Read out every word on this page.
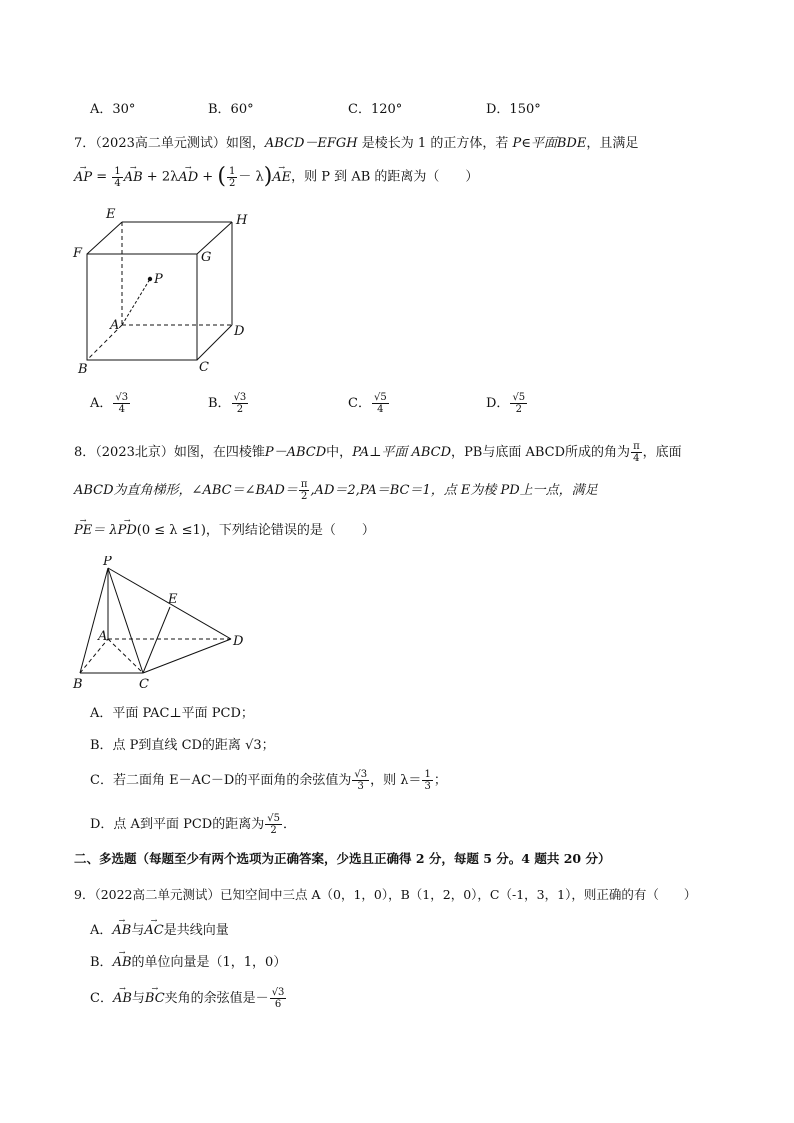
A．30°	B．60°	C．120°	D．150°
7．（2023高二单元测试）如图，ABCD－EFGH 是棱长为 1 的正方体，若 P∈平面BDE，且满足
→ AP = $\frac{1}{4}$
→ AB + 2λ→ AD + ( $\frac{1}{2} - \lambda)\to$ AE，则 P 到 AB 的距离为（　　）
E	H
F	G
P
A	D
B	C
A． $\frac{√3}{4}$	B． $\frac{√3}{2}$	C． $\frac{√5}{4}$	D． $\frac{√5}{2}$
8．（2023北京）如图，在四棱锥P－ABCD中，PA⊥平面 ABCD，PB与底面 ABCD所成的角为 $\frac{\pi}{4}$ ，底面
ABCD为直角梯形，∠ABC＝∠BAD＝ $\frac{\pi}{2} ,AD=2,PA=BC=1$，点 E为棱 PD上一点，满足
→ PE＝ λ→ PD(0 ≤ λ ≤1)，下列结论错误的是（　　）
P
E
A	D
B	C
A．平面 PAC⊥平面 PCD；
B．点 P到直线 CD的距离 √3；
C．若二面角 E－AC－D的平面角的余弦值为 $\frac{√3}{3}$ ，则 $\lambda= \frac{1}{3}$ ；
D．点 A到平面 PCD的距离为 $\frac{√5}{2}$ ．
二、多选题（每题至少有两个选项为正确答案，少选且正确得 2 分，每题 5 分。4 题共 20 分）
9．（2022高二单元测试）已知空间中三点 A（0，1，0），B（1，2，0），C（-1，3，1），则正确的有（　　）
A．→ AB与→ AC是共线向量
B．→ AB的单位向量是（1，1，0）
C．→ AB与→ BC夹角的余弦值是－ $\frac{√3}{6}$
